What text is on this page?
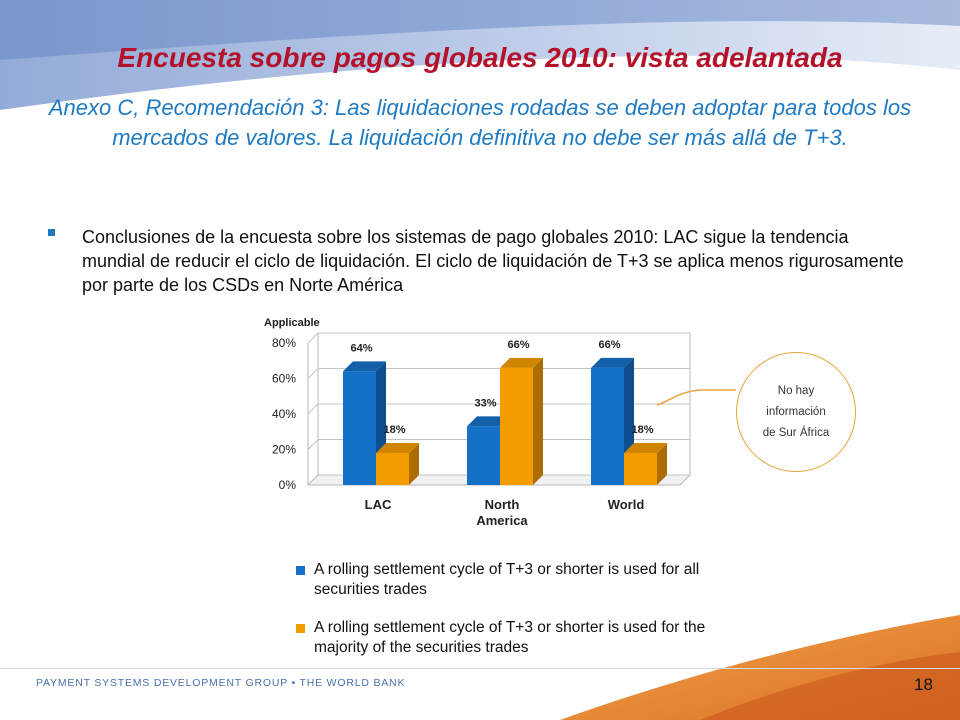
Encuesta sobre pagos globales 2010: vista adelantada

Anexo C, Recomendación 3: Las liquidaciones rodadas se deben adoptar para todos los mercados de valores. La liquidación definitiva no debe ser más allá de T+3.

Conclusiones de la encuesta sobre los sistemas de pago globales 2010: LAC sigue la tendencia mundial de reducir el ciclo de liquidación. El ciclo de liquidación de T+3 se aplica menos rigurosamente por parte de los CSDs en Norte América

0%
20%
40%
60%
80%
Applicable
64%
18%
LAC
33%
66%
North
America
66%
18%
World
No hay
información
de Sur África
A rolling settlement cycle of T+3 or shorter is used for all securities trades
A rolling settlement cycle of T+3 or shorter is used for the majority of the securities trades
PAYMENT SYSTEMS DEVELOPMENT GROUP • THE WORLD BANK	18
